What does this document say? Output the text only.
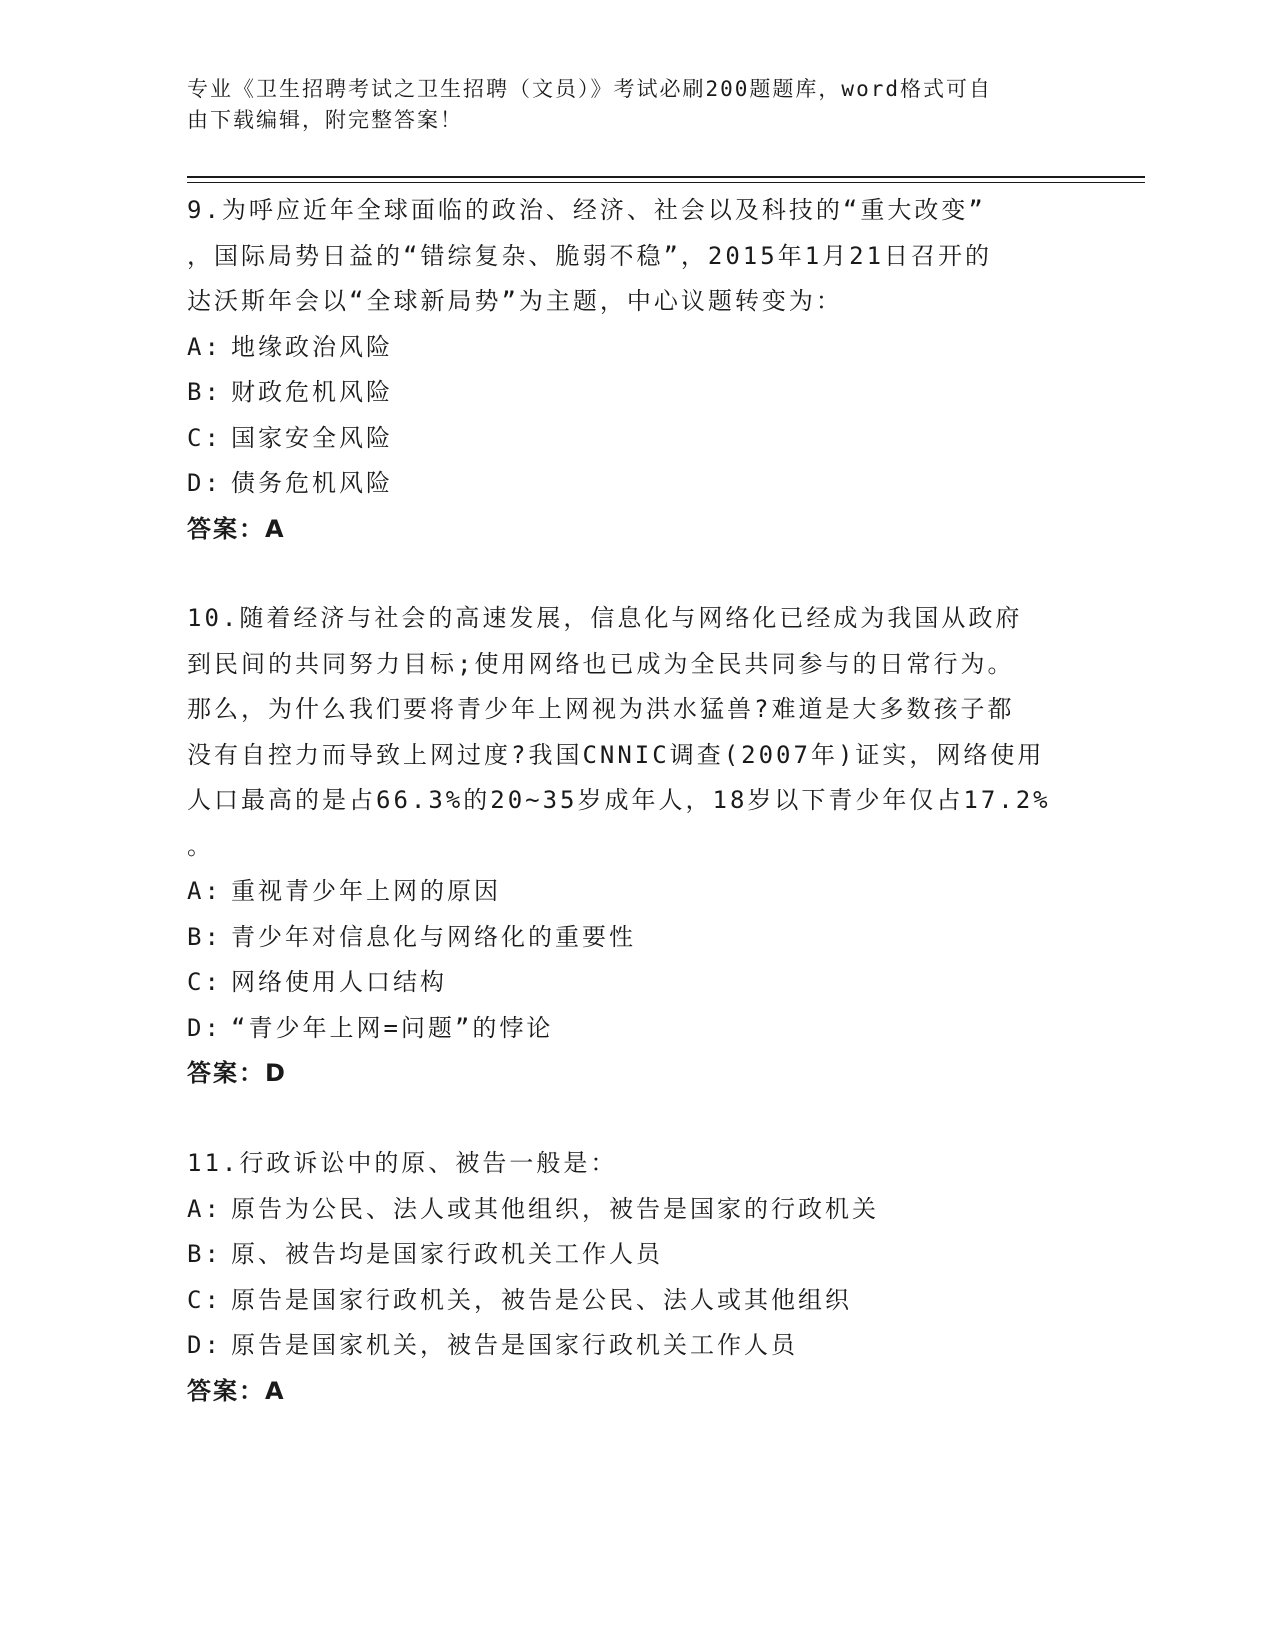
专业《卫生招聘考试之卫生招聘（文员）》考试必刷200题题库，word格式可自
由下载编辑，附完整答案！
9.为呼应近年全球面临的政治、经济、社会以及科技的“重大改变”
，国际局势日益的“错综复杂、脆弱不稳”，2015年1月21日召开的
达沃斯年会以“全球新局势”为主题，中心议题转变为：
A: 地缘政治风险
B: 财政危机风险
C: 国家安全风险
D: 债务危机风险
答案：A
10.随着经济与社会的高速发展，信息化与网络化已经成为我国从政府
到民间的共同努力目标;使用网络也已成为全民共同参与的日常行为。
那么，为什么我们要将青少年上网视为洪水猛兽?难道是大多数孩子都
没有自控力而导致上网过度?我国CNNIC调查(2007年)证实，网络使用
人口最高的是占66.3%的20~35岁成年人，18岁以下青少年仅占17.2%
。
A: 重视青少年上网的原因
B: 青少年对信息化与网络化的重要性
C: 网络使用人口结构
D: “青少年上网=问题”的悖论
答案：D
11.行政诉讼中的原、被告一般是：
A: 原告为公民、法人或其他组织，被告是国家的行政机关
B: 原、被告均是国家行政机关工作人员
C: 原告是国家行政机关，被告是公民、法人或其他组织
D: 原告是国家机关，被告是国家行政机关工作人员
答案：A
